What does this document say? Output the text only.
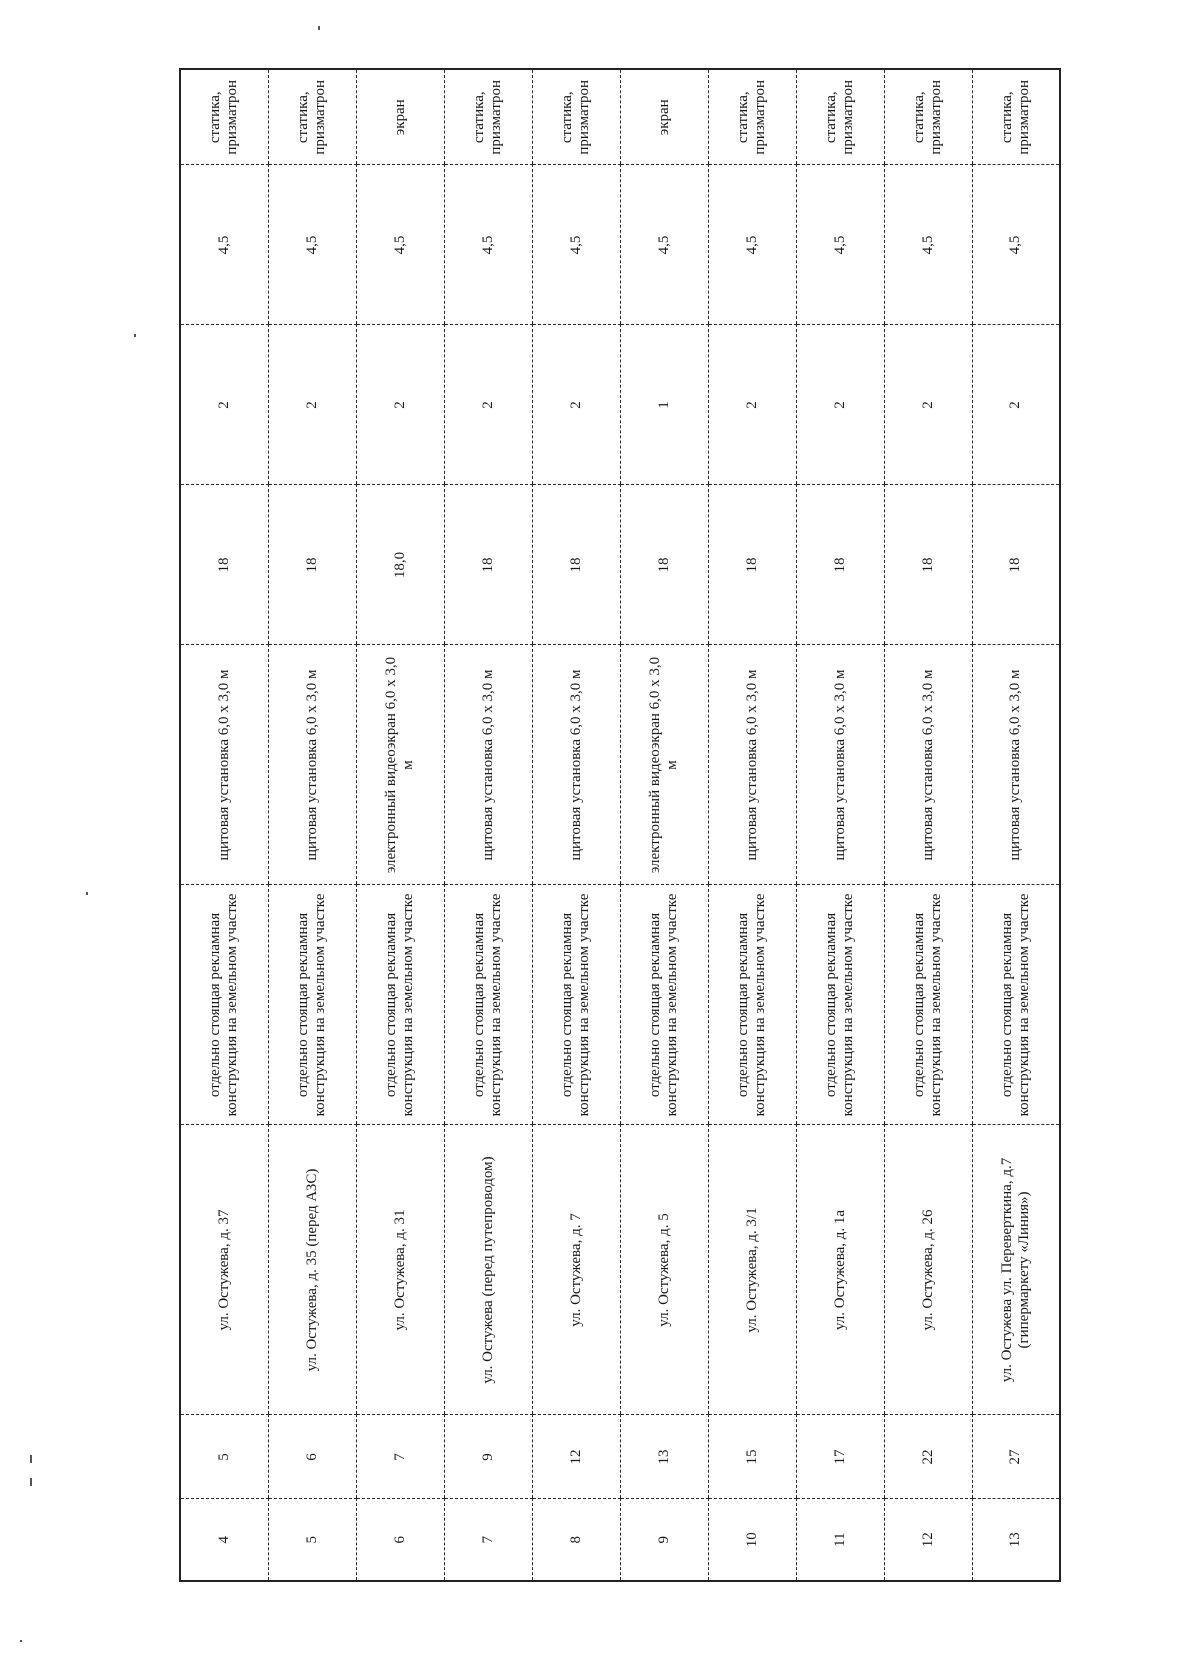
4	5	ул. Остужева, д. 37	отдельно стоящая рекламная конструкция на земельном участке	щитовая установка 6,0 х 3,0 м	18	2	4,5	статика, призматрон
5	6	ул. Остужева, д. 35 (перед АЗС)	отдельно стоящая рекламная конструкция на земельном участке	щитовая установка 6,0 х 3,0 м	18	2	4,5	статика, призматрон
6	7	ул. Остужева, д. 31	отдельно стоящая рекламная конструкция на земельном участке	электронный видеоэкран 6,0 х 3,0 м	18,0	2	4,5	экран
7	9	ул. Остужева (перед путепроводом)	отдельно стоящая рекламная конструкция на земельном участке	щитовая установка 6,0 х 3,0 м	18	2	4,5	статика, призматрон
8	12	ул. Остужева, д. 7	отдельно стоящая рекламная конструкция на земельном участке	щитовая установка 6,0 х 3,0 м	18	2	4,5	статика, призматрон
9	13	ул. Остужева, д. 5	отдельно стоящая рекламная конструкция на земельном участке	электронный видеоэкран 6,0 х 3,0 м	18	1	4,5	экран
10	15	ул. Остужева, д. 3/1	отдельно стоящая рекламная конструкция на земельном участке	щитовая установка 6,0 х 3,0 м	18	2	4,5	статика, призматрон
11	17	ул. Остужева, д. 1а	отдельно стоящая рекламная конструкция на земельном участке	щитовая установка 6,0 х 3,0 м	18	2	4,5	статика, призматрон
12	22	ул. Остужева, д. 26	отдельно стоящая рекламная конструкция на земельном участке	щитовая установка 6,0 х 3,0 м	18	2	4,5	статика, призматрон
13	27	ул. Остужева ул. Переверткина, д.7 (гипермаркету «Линия»)	отдельно стоящая рекламная конструкция на земельном участке	щитовая установка 6,0 х 3,0 м	18	2	4,5	статика, призматрон
